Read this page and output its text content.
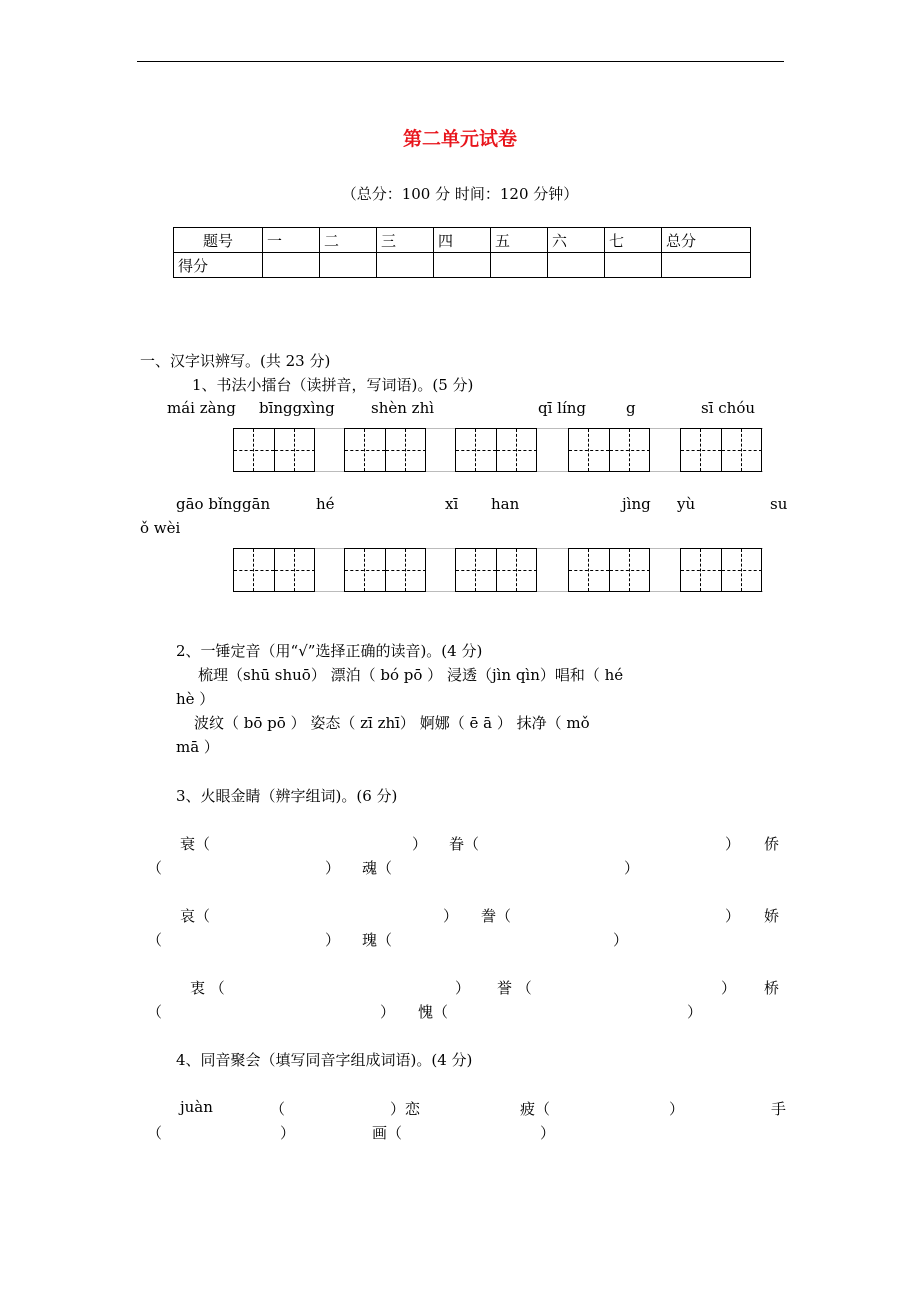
第二单元试卷
（总分：100 分 时间：120 分钟）
题号	一	二	三	四	五	六	七	总分
得分								
一、汉字识辨写。(共 23 分)
1、书法小擂台（读拼音，写词语)。(5 分)
mái zàng bīnggxìng shèn zhì	qī líng	g	sī chóu
gāo bǐnggān	hé	xī han	jìng yù	su
ǒ wèi
2、一锤定音（用“√”选择正确的读音)。(4 分)
梳理（shū shuō） 漂泊（ bó pō ） 浸透（jìn qìn）唱和（ hé
hè ）
波纹（ bō pō ） 姿态（ zī zhī） 婀娜（ ē ā ） 抹净（ mǒ
mā ）
3、火眼金睛（辨字组词)。(6 分)
衰（	） 眷（	） 侨
（	） 魂（	）
哀（	） 誊（	） 娇
（	） 瑰（	）
衷 （	） 誉 （	） 桥
（	） 愧（	）
4、同音聚会（填写同音字组成词语)。(4 分)
juàn	（	）恋	疲（	）	手
（	）	画（	）
